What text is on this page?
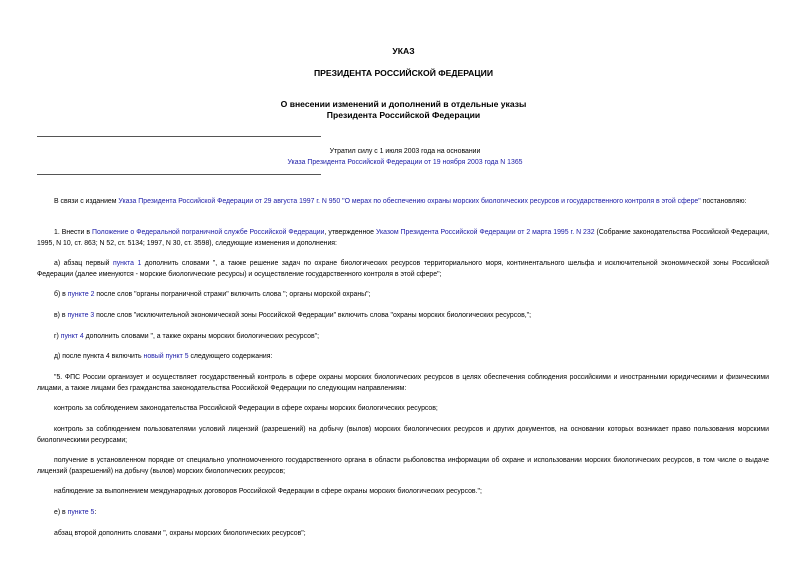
УКАЗ
ПРЕЗИДЕНТА РОССИЙСКОЙ ФЕДЕРАЦИИ
О внесении изменений и дополнений в отдельные указы
Президента Российской Федерации
Утратил силу с 1 июля 2003 года на основании
Указа Президента Российской Федерации от 19 ноября 2003 года N 1365

В связи с изданием Указа Президента Российской Федерации от 29 августа 1997 г. N 950 "О мерах по обеспечению охраны морских биологических ресурсов и государственного контроля в этой сфере" постановляю:

1. Внести в Положение о Федеральной пограничной службе Российской Федерации, утвержденное Указом Президента Российской Федерации от 2 марта 1995 г. N 232 (Собрание законодательства Российской Федерации, 1995, N 10, ст. 863; N 52, ст. 5134; 1997, N 30, ст. 3598), следующие изменения и дополнения:

а) абзац первый пункта 1 дополнить словами ", а также решение задач по охране биологических ресурсов территориального моря, континентального шельфа и исключительной экономической зоны Российской Федерации (далее именуются - морские биологические ресурсы) и осуществление государственного контроля в этой сфере";

б) в пункте 2 после слов "органы пограничной стражи" включить слова "; органы морской охраны";

в) в пункте 3 после слов "исключительной экономической зоны Российской Федерации" включить слова "охраны морских биологических ресурсов,";

г) пункт 4 дополнить словами ", а также охраны морских биологических ресурсов";

д) после пункта 4 включить новый пункт 5 следующего содержания:

"5. ФПС России организует и осуществляет государственный контроль в сфере охраны морских биологических ресурсов в целях обеспечения соблюдения российскими и иностранными юридическими и физическими лицами, а также лицами без гражданства законодательства Российской Федерации по следующим направлениям:

контроль за соблюдением законодательства Российской Федерации в сфере охраны морских биологических ресурсов;

контроль за соблюдением пользователями условий лицензий (разрешений) на добычу (вылов) морских биологических ресурсов и других документов, на основании которых возникает право пользования морскими биологическими ресурсами;

получение в установленном порядке от специально уполномоченного государственного органа в области рыболовства информации об охране и использовании морских биологических ресурсов, в том числе о выдаче лицензий (разрешений) на добычу (вылов) морских биологических ресурсов;

наблюдение за выполнением международных договоров Российской Федерации в сфере охраны морских биологических ресурсов.";

е) в пункте 5:

абзац второй дополнить словами ", охраны морских биологических ресурсов";
